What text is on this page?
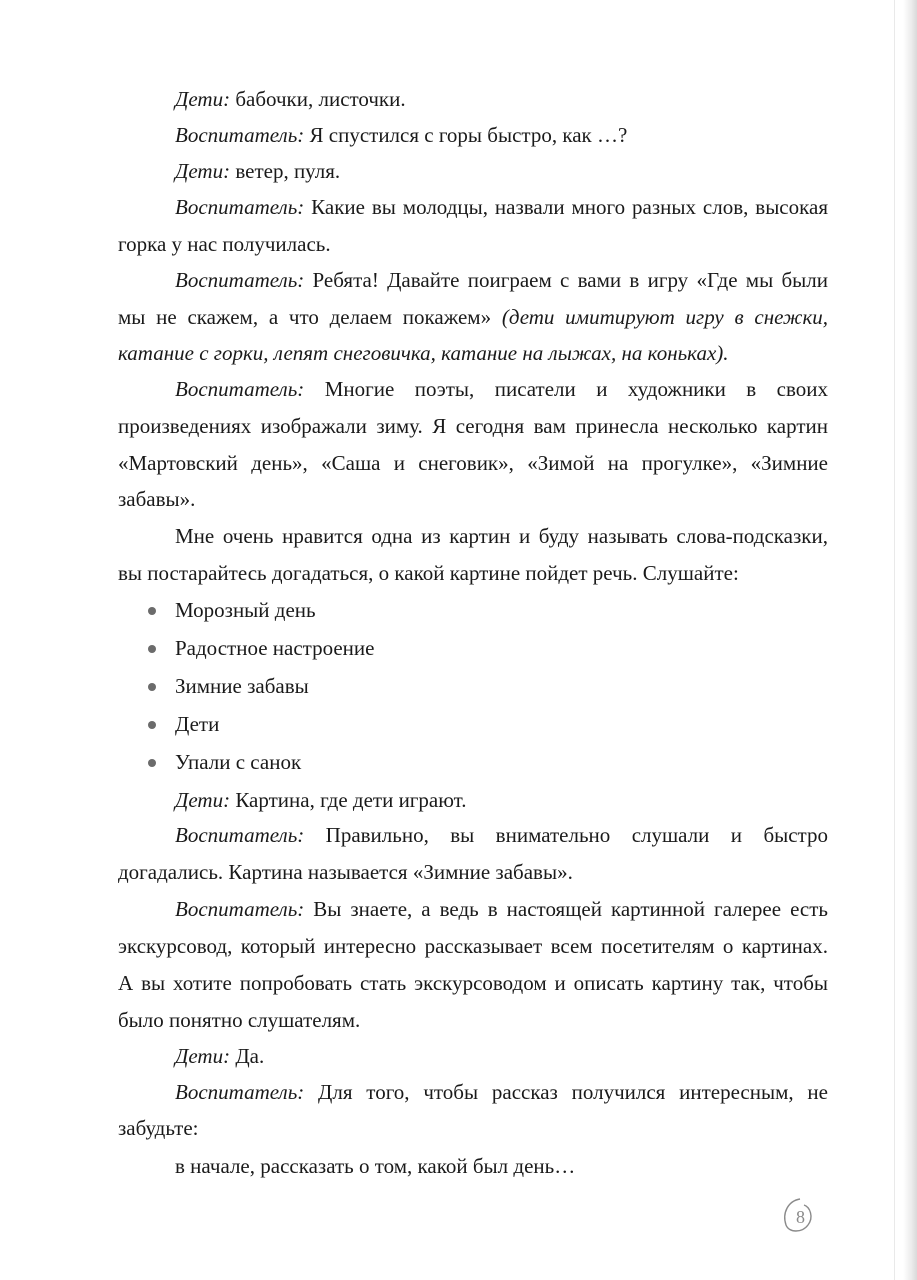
Дети: бабочки, листочки.

Воспитатель: Я спустился с горы быстро, как …?

Дети: ветер, пуля.

Воспитатель: Какие вы молодцы, назвали много разных слов, высокая

горка у нас получилась.

Воспитатель: Ребята! Давайте поиграем с вами в игру «Где мы были

мы не скажем, а что делаем покажем» (дети имитируют игру в снежки,

катание с горки, лепят снеговичка, катание на лыжах, на коньках).

Воспитатель: Многие поэты, писатели и художники в своих

произведениях изображали зиму. Я сегодня вам принесла несколько картин

«Мартовский день», «Саша и снеговик», «Зимой на прогулке», «Зимние

забавы».

Мне очень нравится одна из картин и буду называть слова-подсказки,

вы постарайтесь догадаться, о какой картине пойдет речь. Слушайте:

Морозный день

Радостное настроение

Зимние забавы

Дети

Упали с санок

Дети: Картина, где дети играют.

Воспитатель: Правильно, вы внимательно слушали и быстро

догадались. Картина называется «Зимние забавы».

Воспитатель: Вы знаете, а ведь в настоящей картинной галерее есть

экскурсовод, который интересно рассказывает всем посетителям о картинах.

А вы хотите попробовать стать экскурсоводом и описать картину так, чтобы

было понятно слушателям.

Дети: Да.

Воспитатель: Для того, чтобы рассказ получился интересным, не

забудьте:

в начале, рассказать о том, какой был день…

8
